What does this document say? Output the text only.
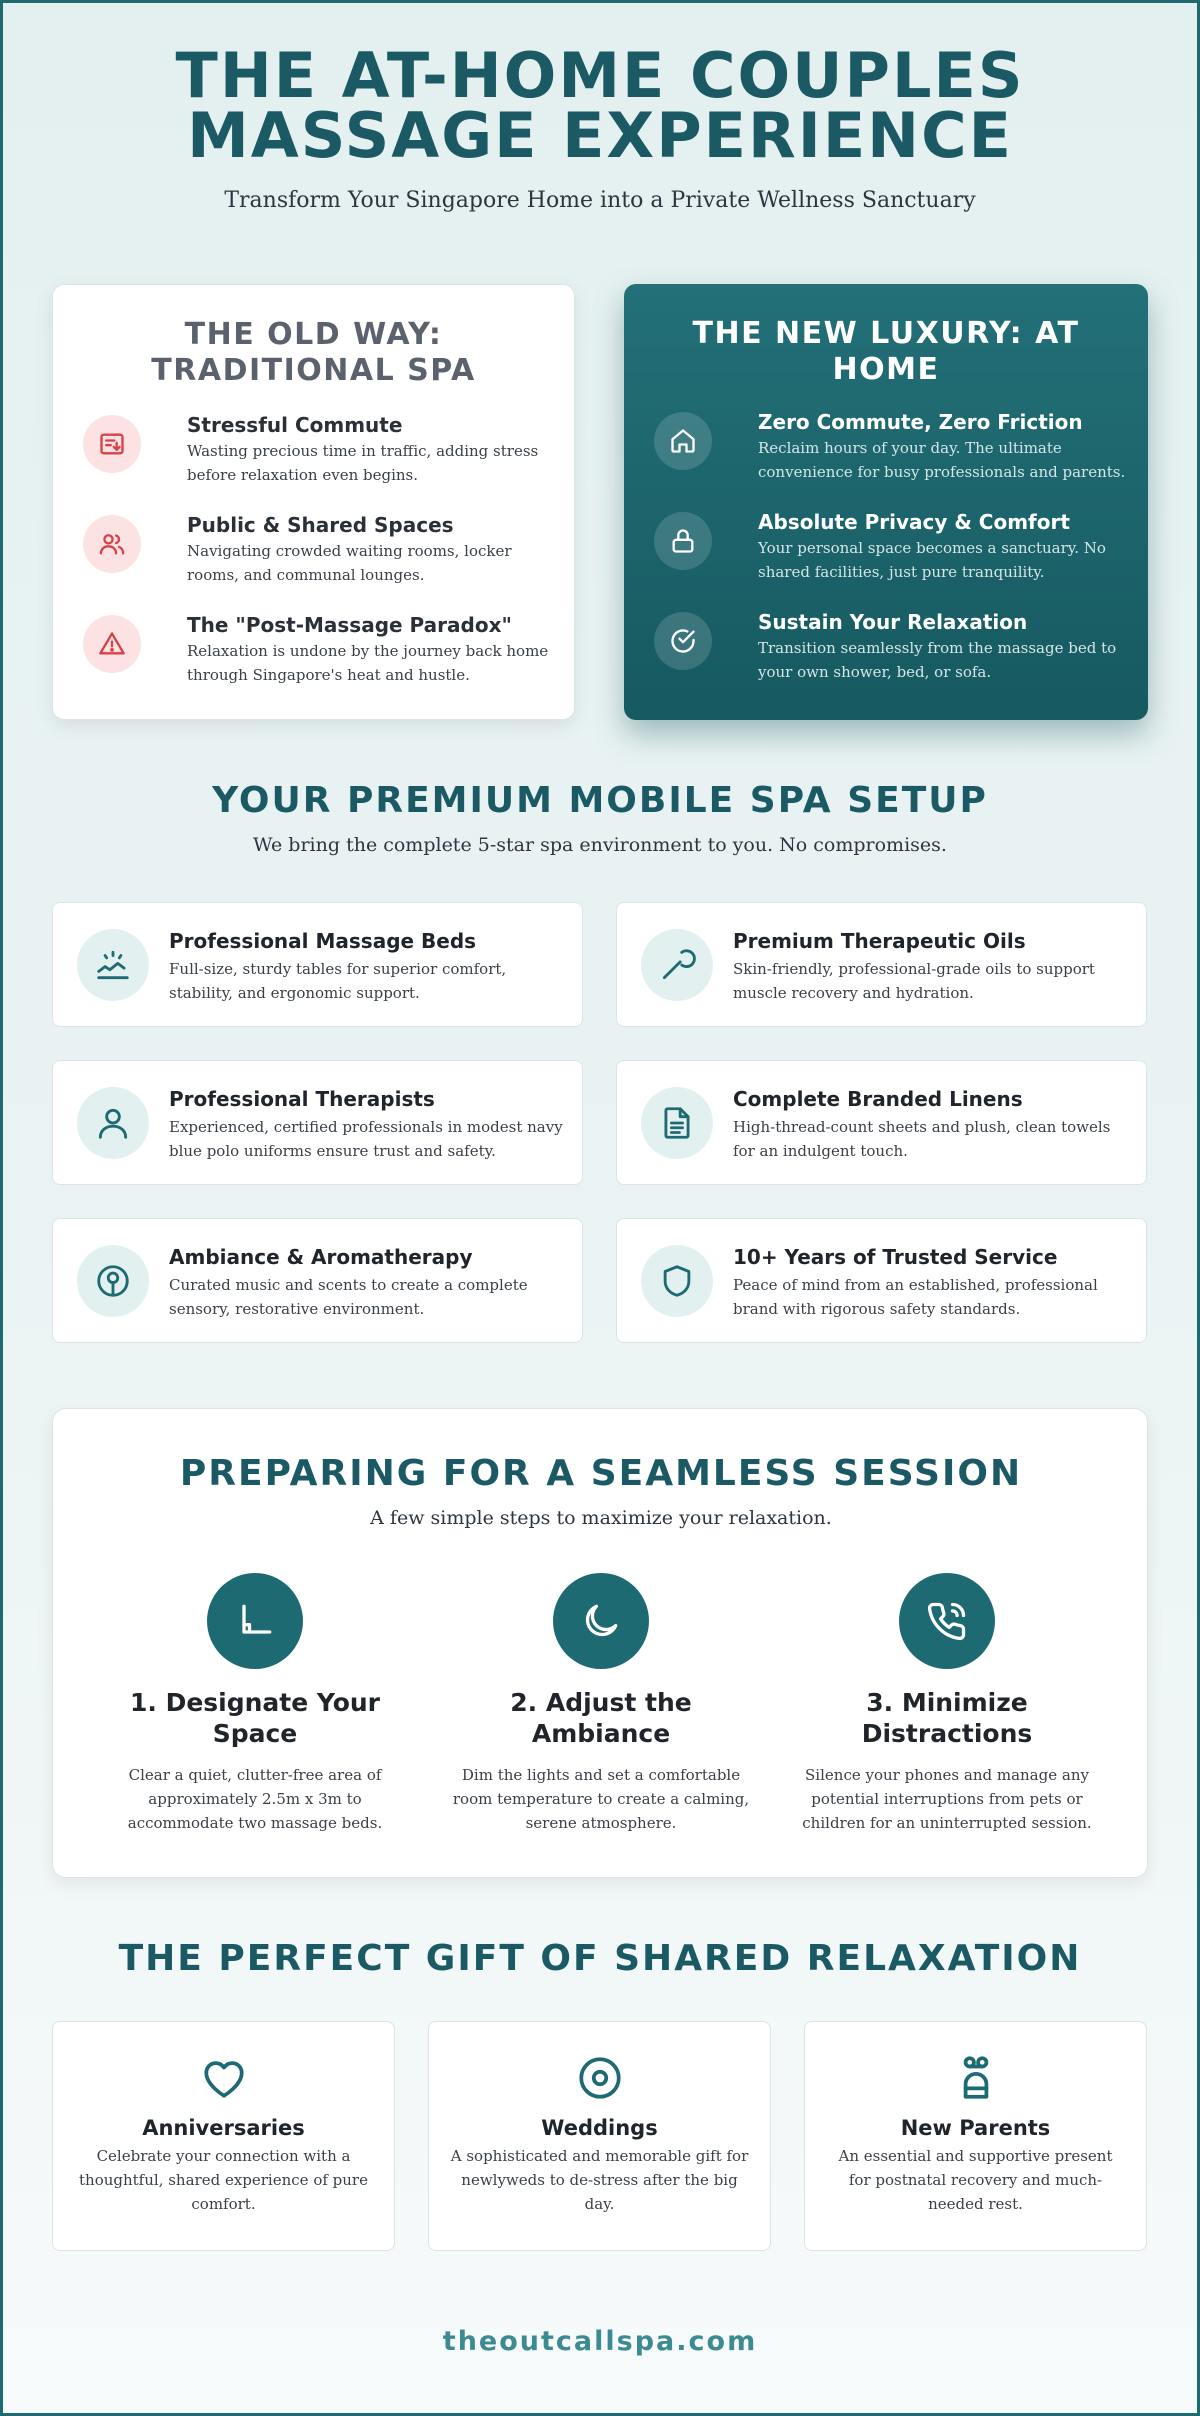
THE AT-HOME COUPLES
MASSAGE EXPERIENCE
Transform Your Singapore Home into a Private Wellness Sanctuary
THE OLD WAY: TRADITIONAL SPA
Stressful Commute
Wasting precious time in traffic, adding stress before relaxation even begins.
Public & Shared Spaces
Navigating crowded waiting rooms, locker rooms, and communal lounges.
The "Post-Massage Paradox"
Relaxation is undone by the journey back home through Singapore's heat and hustle.
THE NEW LUXURY: AT HOME
Zero Commute, Zero Friction
Reclaim hours of your day. The ultimate convenience for busy professionals and parents.
Absolute Privacy & Comfort
Your personal space becomes a sanctuary. No shared facilities, just pure tranquility.
Sustain Your Relaxation
Transition seamlessly from the massage bed to your own shower, bed, or sofa.
YOUR PREMIUM MOBILE SPA SETUP
We bring the complete 5-star spa environment to you. No compromises.
Professional Massage Beds
Full-size, sturdy tables for superior comfort, stability, and ergonomic support.
Premium Therapeutic Oils
Skin-friendly, professional-grade oils to support muscle recovery and hydration.
Professional Therapists
Experienced, certified professionals in modest navy blue polo uniforms ensure trust and safety.
Complete Branded Linens
High-thread-count sheets and plush, clean towels for an indulgent touch.
Ambiance & Aromatherapy
Curated music and scents to create a complete sensory, restorative environment.
10+ Years of Trusted Service
Peace of mind from an established, professional brand with rigorous safety standards.
PREPARING FOR A SEAMLESS SESSION
A few simple steps to maximize your relaxation.
1. Designate Your Space
Clear a quiet, clutter-free area of approximately 2.5m x 3m to accommodate two massage beds.
2. Adjust the Ambiance
Dim the lights and set a comfortable room temperature to create a calming, serene atmosphere.
3. Minimize Distractions
Silence your phones and manage any potential interruptions from pets or children for an uninterrupted session.
THE PERFECT GIFT OF SHARED RELAXATION
Anniversaries
Celebrate your connection with a thoughtful, shared experience of pure comfort.
Weddings
A sophisticated and memorable gift for newlyweds to de-stress after the big day.
New Parents
An essential and supportive present for postnatal recovery and much-needed rest.
theoutcallspa.com
